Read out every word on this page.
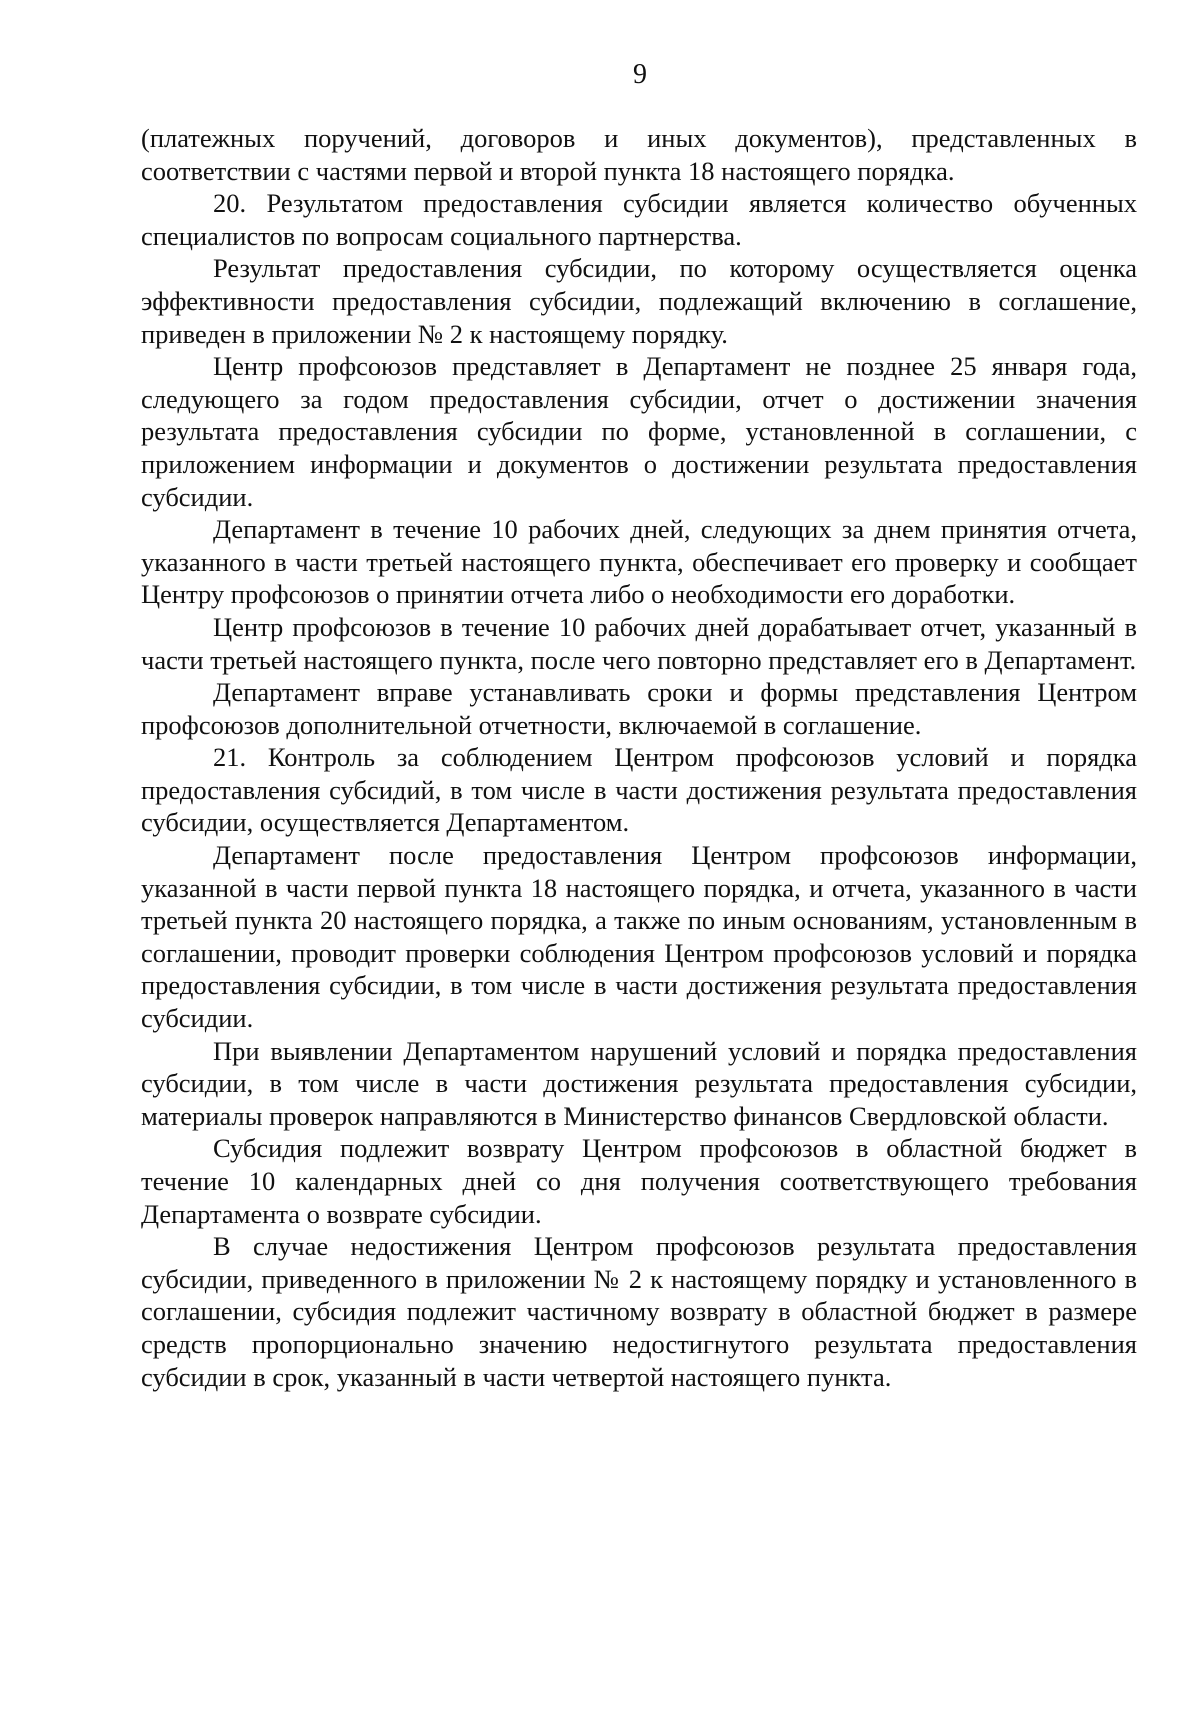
9

(платежных поручений, договоров и иных документов), представленных в соответствии с частями первой и второй пункта 18 настоящего порядка.

20. Результатом предоставления субсидии является количество обученных специалистов по вопросам социального партнерства.

Результат предоставления субсидии, по которому осуществляется оценка эффективности предоставления субсидии, подлежащий включению в соглашение, приведен в приложении № 2 к настоящему порядку.

Центр профсоюзов представляет в Департамент не позднее 25 января года, следующего за годом предоставления субсидии, отчет о достижении значения результата предоставления субсидии по форме, установленной в соглашении, с приложением информации и документов о достижении результата предоставления субсидии.

Департамент в течение 10 рабочих дней, следующих за днем принятия отчета, указанного в части третьей настоящего пункта, обеспечивает его проверку и сообщает Центру профсоюзов о принятии отчета либо о необходимости его доработки.

Центр профсоюзов в течение 10 рабочих дней дорабатывает отчет, указанный в части третьей настоящего пункта, после чего повторно представляет его в Департамент.

Департамент вправе устанавливать сроки и формы представления Центром профсоюзов дополнительной отчетности, включаемой в соглашение.

21. Контроль за соблюдением Центром профсоюзов условий и порядка предоставления субсидий, в том числе в части достижения результата предоставления субсидии, осуществляется Департаментом.

Департамент после предоставления Центром профсоюзов информации, указанной в части первой пункта 18 настоящего порядка, и отчета, указанного в части третьей пункта 20 настоящего порядка, а также по иным основаниям, установленным в соглашении, проводит проверки соблюдения Центром профсоюзов условий и порядка предоставления субсидии, в том числе в части достижения результата предоставления субсидии.

При выявлении Департаментом нарушений условий и порядка предоставления субсидии, в том числе в части достижения результата предоставления субсидии, материалы проверок направляются в Министерство финансов Свердловской области.

Субсидия подлежит возврату Центром профсоюзов в областной бюджет в течение 10 календарных дней со дня получения соответствующего требования Департамента о возврате субсидии.

В случае недостижения Центром профсоюзов результата предоставления субсидии, приведенного в приложении № 2 к настоящему порядку и установленного в соглашении, субсидия подлежит частичному возврату в областной бюджет в размере средств пропорционально значению недостигнутого результата предоставления субсидии в срок, указанный в части четвертой настоящего пункта.
